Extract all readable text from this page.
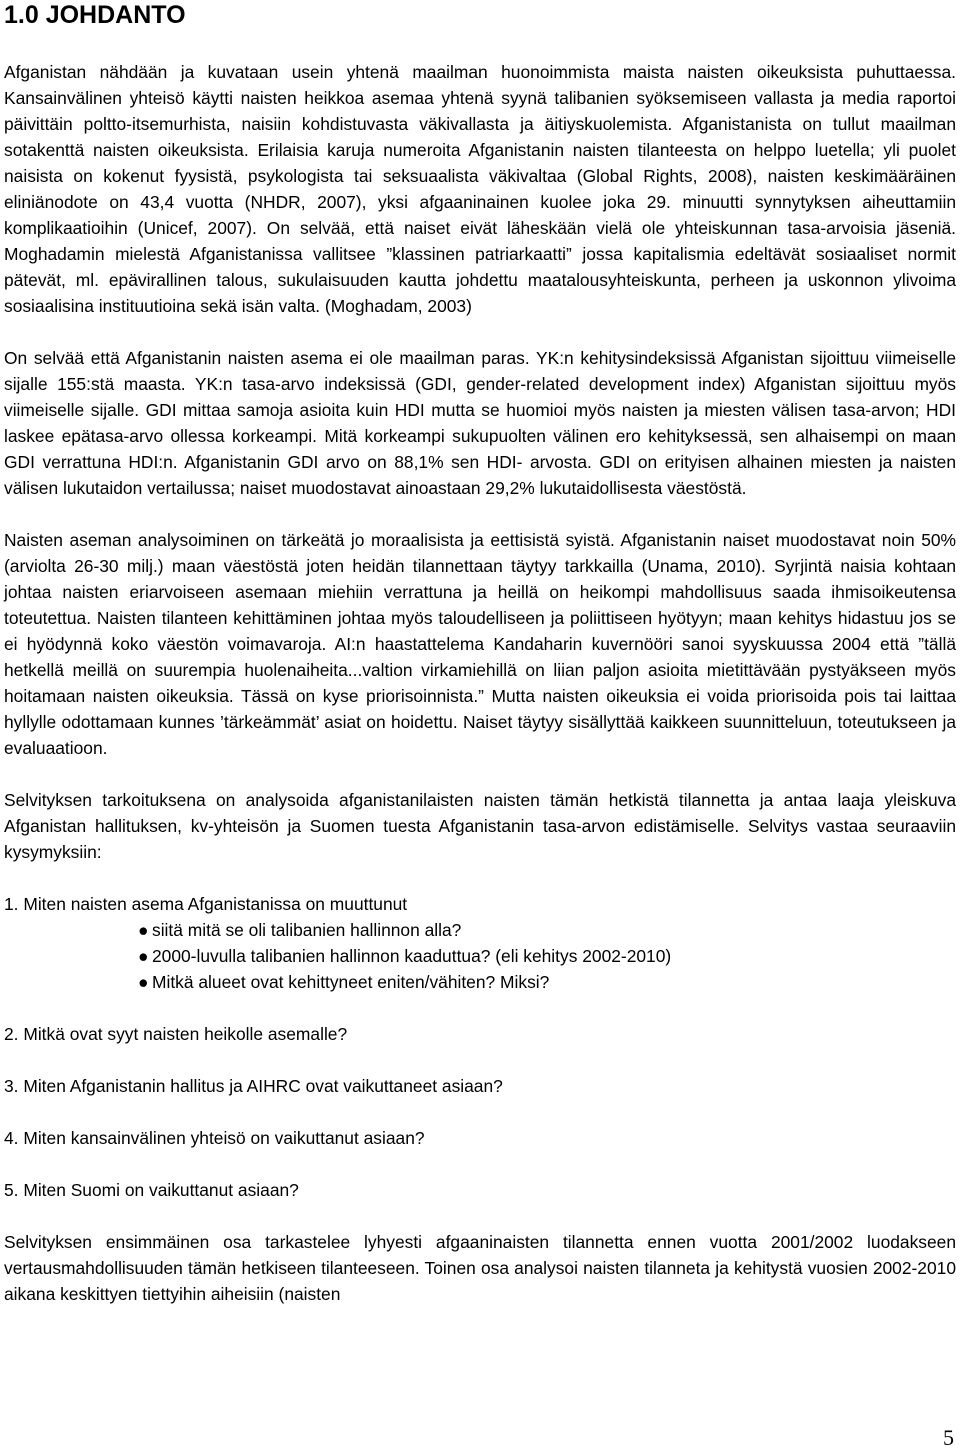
1.0 JOHDANTO

Afganistan nähdään ja kuvataan usein yhtenä maailman huonoimmista maista naisten oikeuksista puhuttaessa. Kansainvälinen yhteisö käytti naisten heikkoa asemaa yhtenä syynä talibanien syöksemiseen vallasta ja media raportoi päivittäin poltto-itsemurhista, naisiin kohdistuvasta väkivallasta ja äitiyskuolemista. Afganistanista on tullut maailman sotakenttä naisten oikeuksista. Erilaisia karuja numeroita Afganistanin naisten tilanteesta on helppo luetella; yli puolet naisista on kokenut fyysistä, psykologista tai seksuaalista väkivaltaa (Global Rights, 2008), naisten keskimääräinen eliniänodote on 43,4 vuotta (NHDR, 2007), yksi afgaaninainen kuolee joka 29. minuutti synnytyksen aiheuttamiin komplikaatioihin (Unicef, 2007). On selvää, että naiset eivät läheskään vielä ole yhteiskunnan tasa-arvoisia jäseniä. Moghadamin mielestä Afganistanissa vallitsee ”klassinen patriarkaatti” jossa kapitalismia edeltävät sosiaaliset normit pätevät, ml. epävirallinen talous, sukulaisuuden kautta johdettu maatalousyhteiskunta, perheen ja uskonnon ylivoima sosiaalisina instituutioina sekä isän valta. (Moghadam, 2003)

On selvää että Afganistanin naisten asema ei ole maailman paras. YK:n kehitysindeksissä Afganistan sijoittuu viimeiselle sijalle 155:stä maasta. YK:n tasa-arvo indeksissä (GDI, gender-related development index) Afganistan sijoittuu myös viimeiselle sijalle. GDI mittaa samoja asioita kuin HDI mutta se huomioi myös naisten ja miesten välisen tasa-arvon; HDI laskee epätasa-arvo ollessa korkeampi. Mitä korkeampi sukupuolten välinen ero kehityksessä, sen alhaisempi on maan GDI verrattuna HDI:n. Afganistanin GDI arvo on 88,1% sen HDI- arvosta. GDI on erityisen alhainen miesten ja naisten välisen lukutaidon vertailussa; naiset muodostavat ainoastaan 29,2% lukutaidollisesta väestöstä.

Naisten aseman analysoiminen on tärkeätä jo moraalisista ja eettisistä syistä. Afganistanin naiset muodostavat noin 50% (arviolta 26-30 milj.) maan väestöstä joten heidän tilannettaan täytyy tarkkailla (Unama, 2010). Syrjintä naisia kohtaan johtaa naisten eriarvoiseen asemaan miehiin verrattuna ja heillä on heikompi mahdollisuus saada ihmisoikeutensa toteutettua. Naisten tilanteen kehittäminen johtaa myös taloudelliseen ja poliittiseen hyötyyn; maan kehitys hidastuu jos se ei hyödynnä koko väestön voimavaroja. AI:n haastattelema Kandaharin kuvernööri sanoi syyskuussa 2004 että ”tällä hetkellä meillä on suurempia huolenaiheita...valtion virkamiehillä on liian paljon asioita mietittävään pystyäkseen myös hoitamaan naisten oikeuksia. Tässä on kyse priorisoinnista.” Mutta naisten oikeuksia ei voida priorisoida pois tai laittaa hyllylle odottamaan kunnes ’tärkeämmät’ asiat on hoidettu. Naiset täytyy sisällyttää kaikkeen suunnitteluun, toteutukseen ja evaluaatioon.

Selvityksen tarkoituksena on analysoida afganistanilaisten naisten tämän hetkistä tilannetta ja antaa laaja yleiskuva Afganistan hallituksen, kv-yhteisön ja Suomen tuesta Afganistanin tasa-arvon edistämiselle. Selvitys vastaa seuraaviin kysymyksiin:

1. Miten naisten asema Afganistanissa on muuttunut

● siitä mitä se oli talibanien hallinnon alla?
● 2000-luvulla talibanien hallinnon kaaduttua? (eli kehitys 2002-2010)
● Mitkä alueet ovat kehittyneet eniten/vähiten? Miksi?

2. Mitkä ovat syyt naisten heikolle asemalle?

3. Miten Afganistanin hallitus ja AIHRC ovat vaikuttaneet asiaan?

4. Miten kansainvälinen yhteisö on vaikuttanut asiaan?

5. Miten Suomi on vaikuttanut asiaan?

Selvityksen ensimmäinen osa tarkastelee lyhyesti afgaaninaisten tilannetta ennen vuotta 2001/2002 luodakseen vertausmahdollisuuden tämän hetkiseen tilanteeseen. Toinen osa analysoi naisten tilanneta ja kehitystä vuosien 2002-2010 aikana keskittyen tiettyihin aiheisiin (naisten

5
